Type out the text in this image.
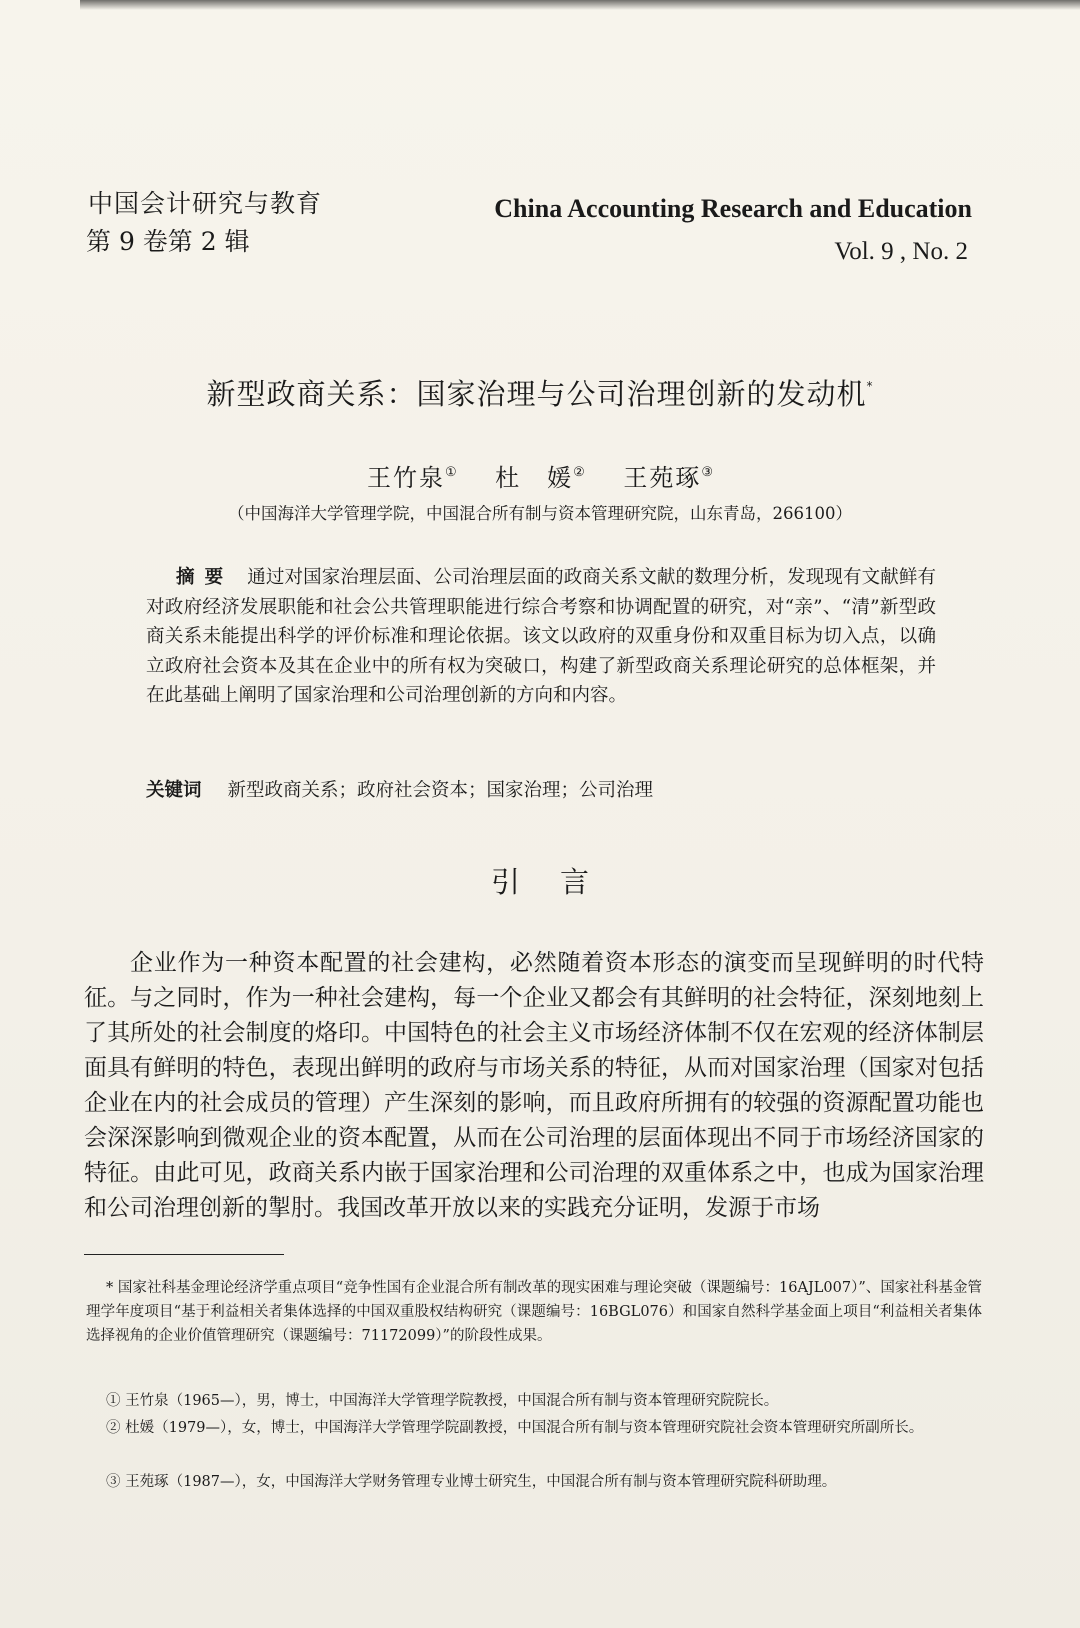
中国会计研究与教育
第 9 卷第 2 辑
China Accounting Research and Education
Vol. 9 , No. 2
新型政商关系：国家治理与公司治理创新的发动机*
王竹泉① 杜　媛② 王苑琢③
（中国海洋大学管理学院，中国混合所有制与资本管理研究院，山东青岛，266100）
摘要 通过对国家治理层面、公司治理层面的政商关系文献的数理分析，发现现有文献鲜有对政府经济发展职能和社会公共管理职能进行综合考察和协调配置的研究，对“亲”、“清”新型政商关系未能提出科学的评价标准和理论依据。该文以政府的双重身份和双重目标为切入点，以确立政府社会资本及其在企业中的所有权为突破口，构建了新型政商关系理论研究的总体框架，并在此基础上阐明了国家治理和公司治理创新的方向和内容。
关键词 新型政商关系；政府社会资本；国家治理；公司治理
引言
企业作为一种资本配置的社会建构，必然随着资本形态的演变而呈现鲜明的时代特征。与之同时，作为一种社会建构，每一个企业又都会有其鲜明的社会特征，深刻地刻上了其所处的社会制度的烙印。中国特色的社会主义市场经济体制不仅在宏观的经济体制层面具有鲜明的特色，表现出鲜明的政府与市场关系的特征，从而对国家治理（国家对包括企业在内的社会成员的管理）产生深刻的影响，而且政府所拥有的较强的资源配置功能也会深深影响到微观企业的资本配置，从而在公司治理的层面体现出不同于市场经济国家的特征。由此可见，政商关系内嵌于国家治理和公司治理的双重体系之中，也成为国家治理和公司治理创新的掣肘。我国改革开放以来的实践充分证明，发源于市场
* 国家社科基金理论经济学重点项目“竞争性国有企业混合所有制改革的现实困难与理论突破（课题编号：16AJL007）”、国家社科基金管理学年度项目“基于利益相关者集体选择的中国双重股权结构研究（课题编号：16BGL076）和国家自然科学基金面上项目“利益相关者集体选择视角的企业价值管理研究（课题编号：71172099）”的阶段性成果。
① 王竹泉（1965—），男，博士，中国海洋大学管理学院教授，中国混合所有制与资本管理研究院院长。
② 杜媛（1979—），女，博士，中国海洋大学管理学院副教授，中国混合所有制与资本管理研究院社会资本管理研究所副所长。
③ 王苑琢（1987—），女，中国海洋大学财务管理专业博士研究生，中国混合所有制与资本管理研究院科研助理。
